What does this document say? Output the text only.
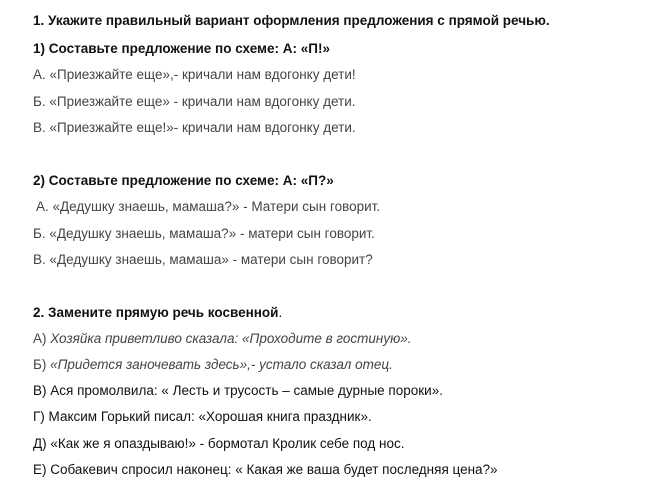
1. Укажите правильный вариант оформления предложения с прямой речью.
1) Составьте предложение по схеме: А: «П!»
А. «Приезжайте еще»,- кричали нам вдогонку дети!
Б. «Приезжайте еще» - кричали нам вдогонку дети.
В. «Приезжайте еще!»- кричали нам вдогонку дети.
2) Составьте предложение по схеме: А: «П?»
А. «Дедушку знаешь, мамаша?» - Матери сын говорит.
Б. «Дедушку знаешь, мамаша?» - матери сын говорит.
В. «Дедушку знаешь, мамаша» - матери сын говорит?
2. Замените прямую речь косвенной.
А) Хозяйка приветливо сказала: «Проходите в гостиную».
Б) «Придется заночевать здесь»,- устало сказал отец.
В) Ася промолвила: « Лесть и трусость – самые дурные пороки».
Г) Максим Горький писал: «Хорошая книга праздник».
Д) «Как же я опаздываю!» - бормотал Кролик себе под нос.
Е) Собакевич спросил наконец: « Какая же ваша будет последняя цена?»
